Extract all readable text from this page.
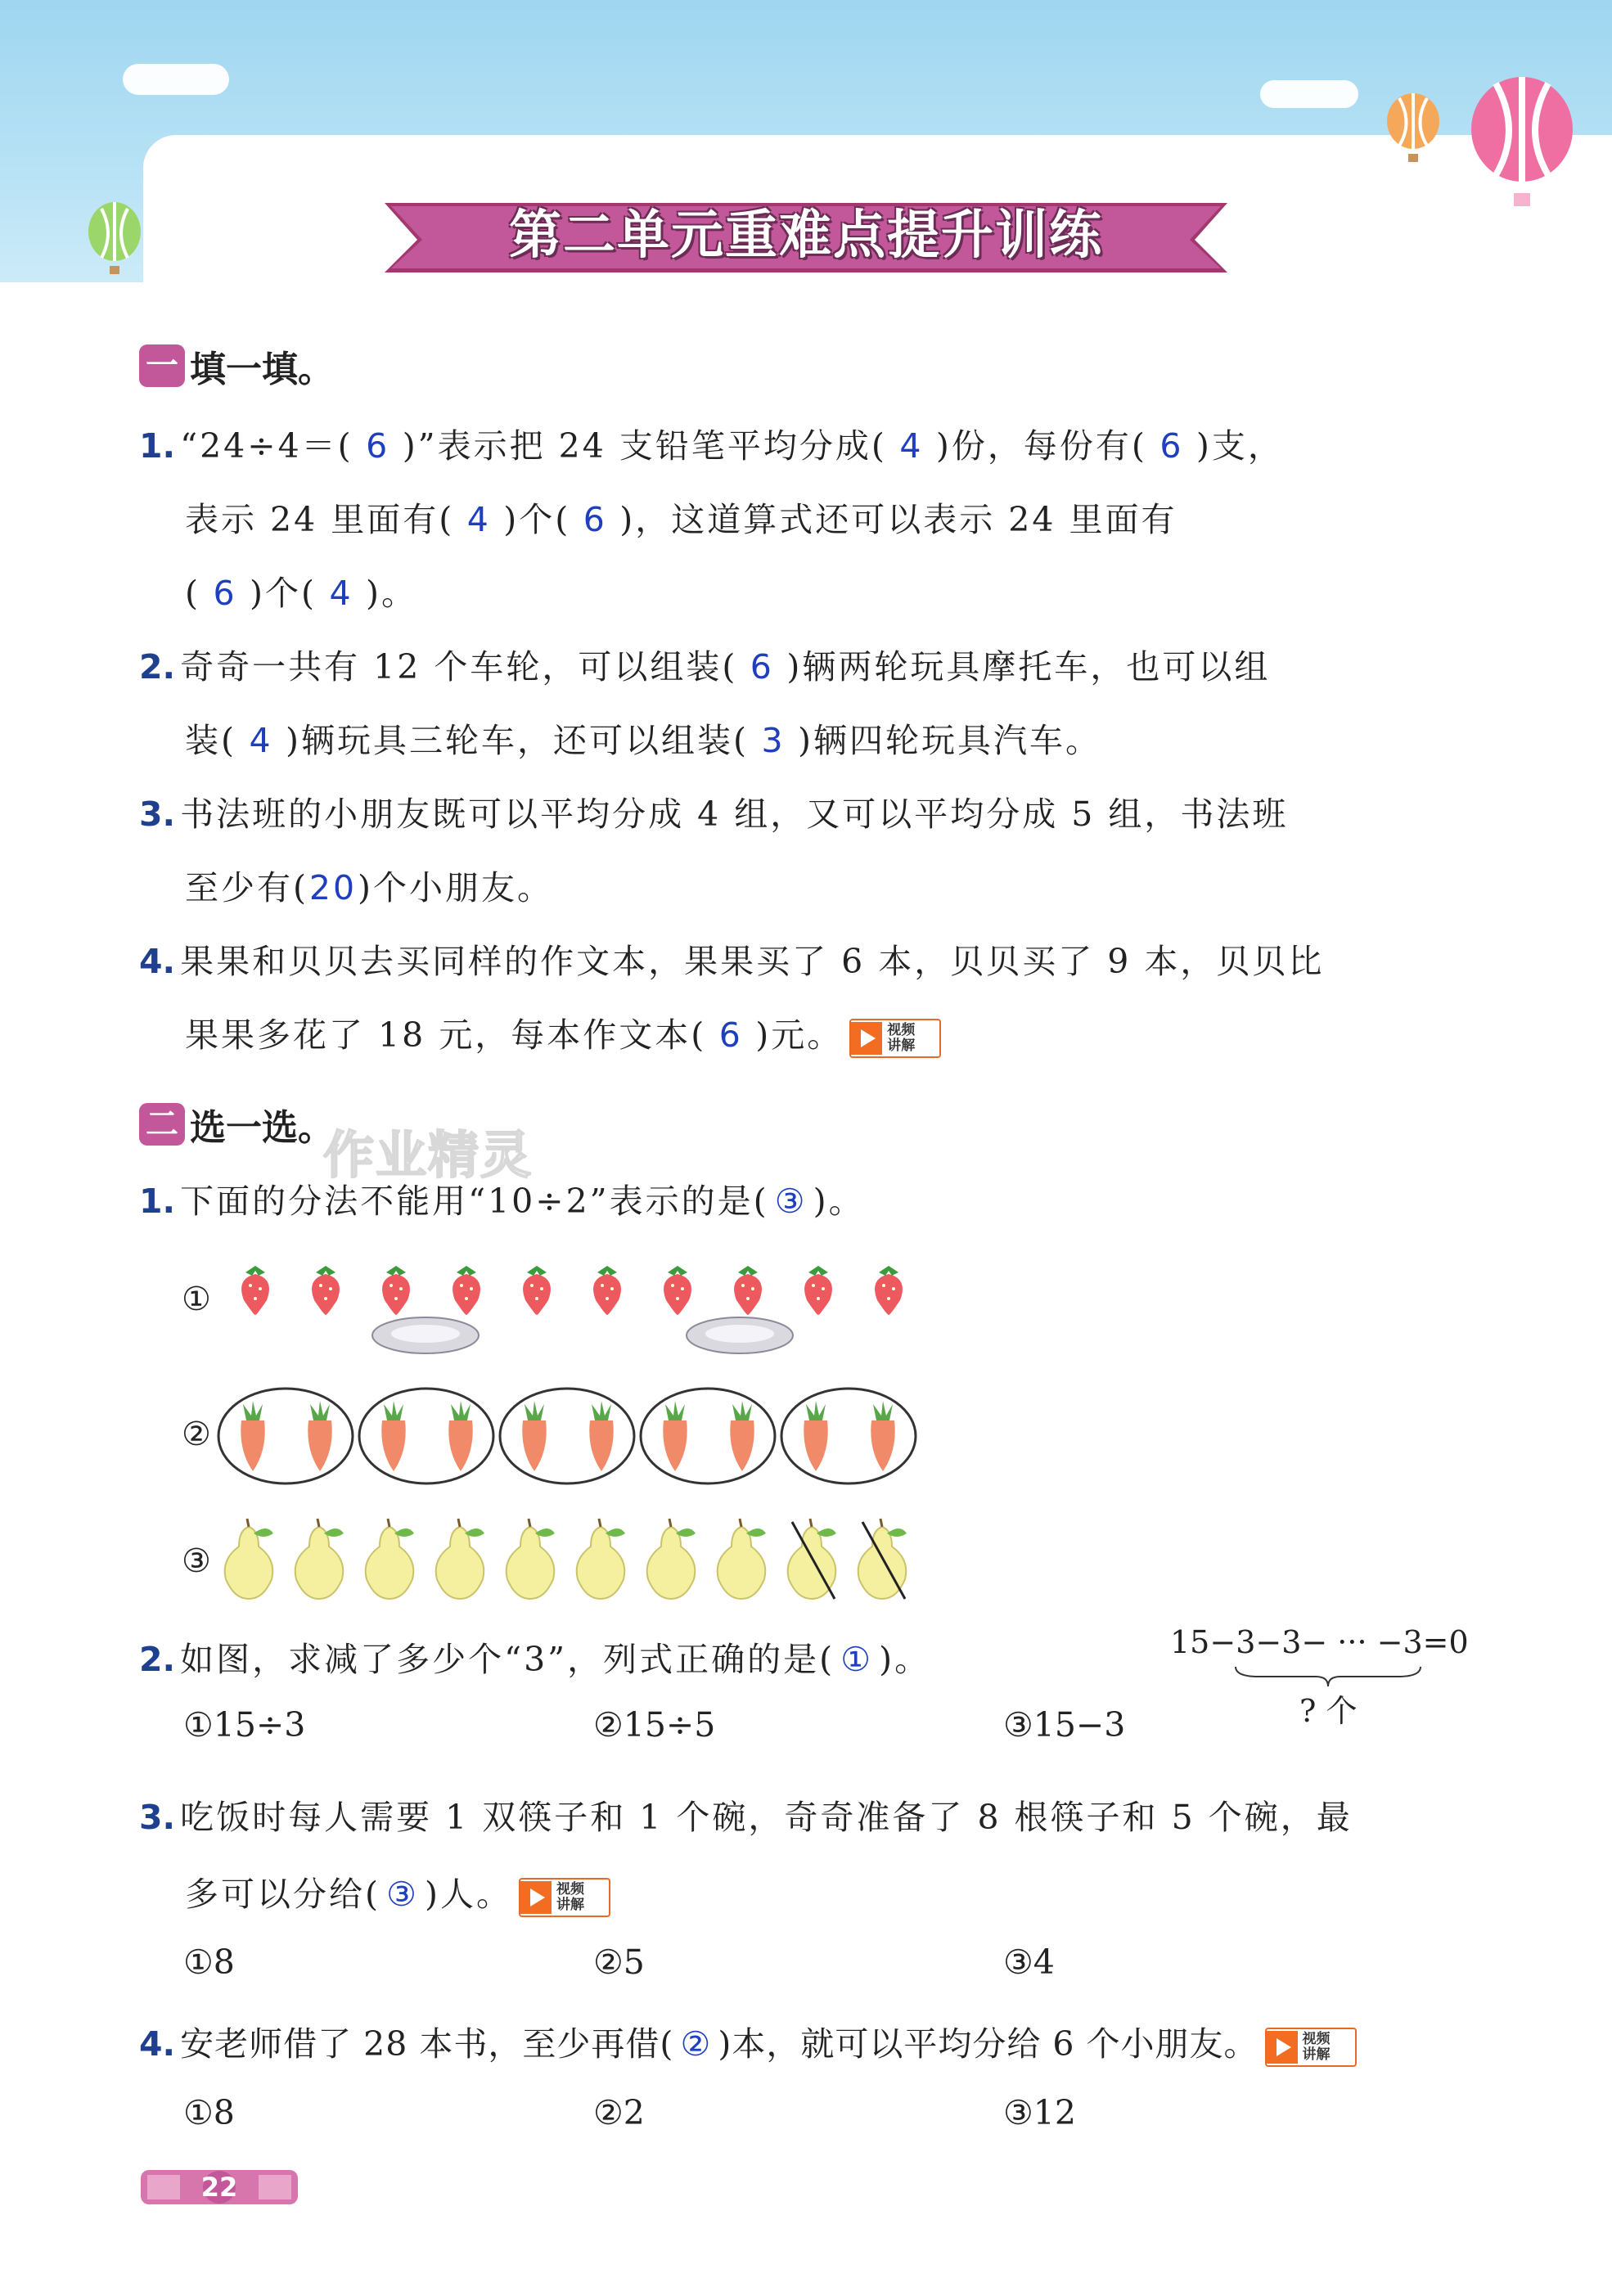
第二单元重难点提升训练
一 填一填。
1. “24÷4＝( 6 )”表示把 24 支铅笔平均分成( 4 )份，每份有( 6 )支，
表示 24 里面有( 4 )个( 6 )，这道算式还可以表示 24 里面有
( 6 )个( 4 )。
2. 奇奇一共有 12 个车轮，可以组装( 6 )辆两轮玩具摩托车，也可以组
装( 4 )辆玩具三轮车，还可以组装( 3 )辆四轮玩具汽车。
3. 书法班的小朋友既可以平均分成 4 组，又可以平均分成 5 组，书法班
至少有(20)个小朋友。
4. 果果和贝贝去买同样的作文本，果果买了 6 本，贝贝买了 9 本，贝贝比
果果多花了 18 元，每本作文本( 6 )元。	视频
讲解
二 选一选。
作业精灵
1. 下面的分法不能用“10÷2”表示的是( ③ )。
①
②
③
2. 如图，求减了多少个“3”，列式正确的是( ① )。	15−3−3− ··· −3=0
? 个
①15÷3	②15÷5	③15−3
3. 吃饭时每人需要 1 双筷子和 1 个碗，奇奇准备了 8 根筷子和 5 个碗，最
多可以分给( ③ )人。	视频
讲解
①8	②5	③4
4. 安老师借了 28 本书，至少再借( ② )本，就可以平均分给 6 个小朋友。	视频
讲解
①8	②2	③12
22
